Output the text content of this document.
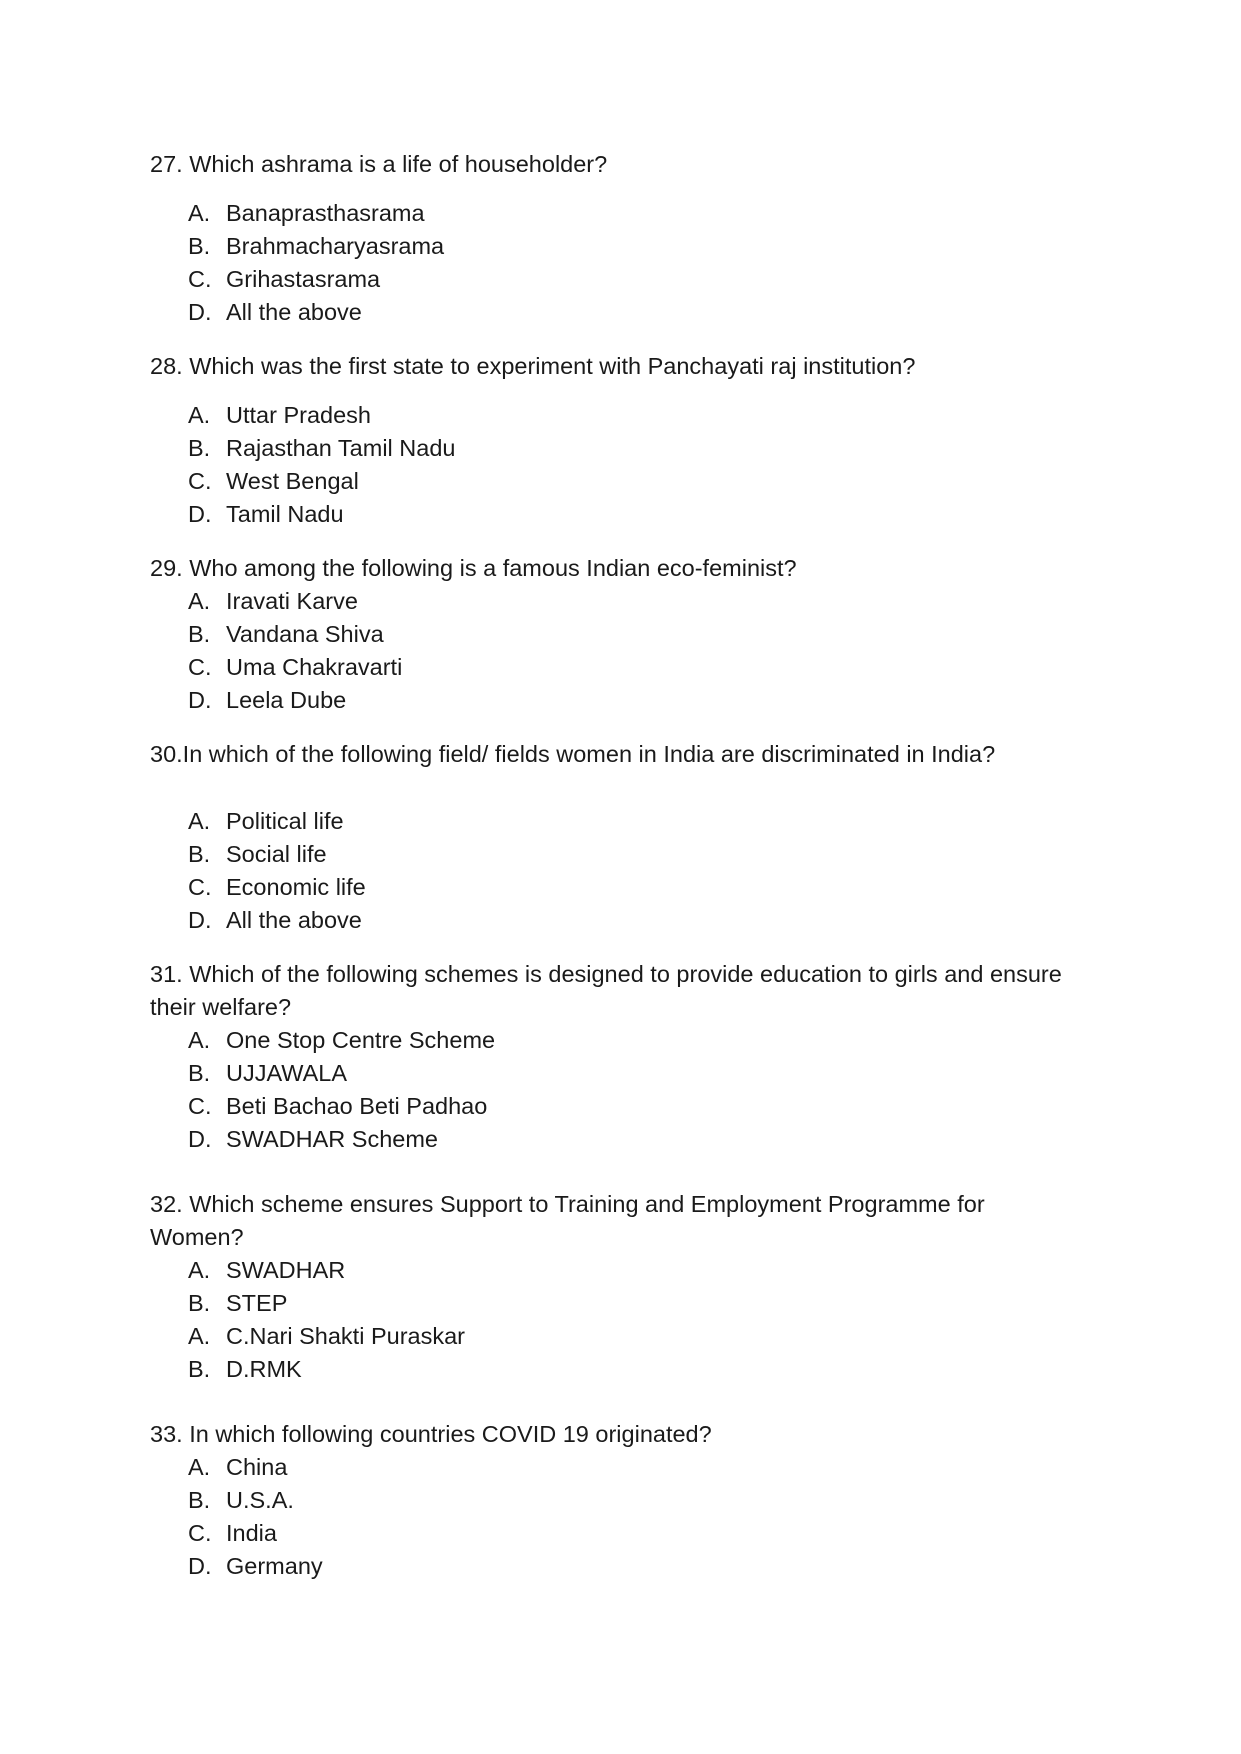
27. Which ashrama is a life of householder?
A. Banaprasthasrama
B. Brahmacharyasrama
C. Grihastasrama
D. All the above
28. Which was the first state to experiment with Panchayati raj institution?
A. Uttar Pradesh
B. Rajasthan Tamil Nadu
C. West Bengal
D. Tamil Nadu
29. Who among the following is a famous Indian eco-feminist?
A. Iravati Karve
B. Vandana Shiva
C. Uma Chakravarti
D. Leela Dube
30.In which of the following field/ fields women in India are discriminated in India?
A. Political life
B. Social life
C. Economic life
D. All the above
31. Which of the following schemes is designed to provide education to girls and ensure their welfare?
A. One Stop Centre Scheme
B. UJJAWALA
C. Beti Bachao Beti Padhao
D. SWADHAR Scheme
32. Which scheme ensures Support to Training and Employment Programme for Women?
A. SWADHAR
B. STEP
A. C.Nari Shakti Puraskar
B. D.RMK
33. In which following countries COVID 19 originated?
A. China
B. U.S.A.
C. India
D. Germany
